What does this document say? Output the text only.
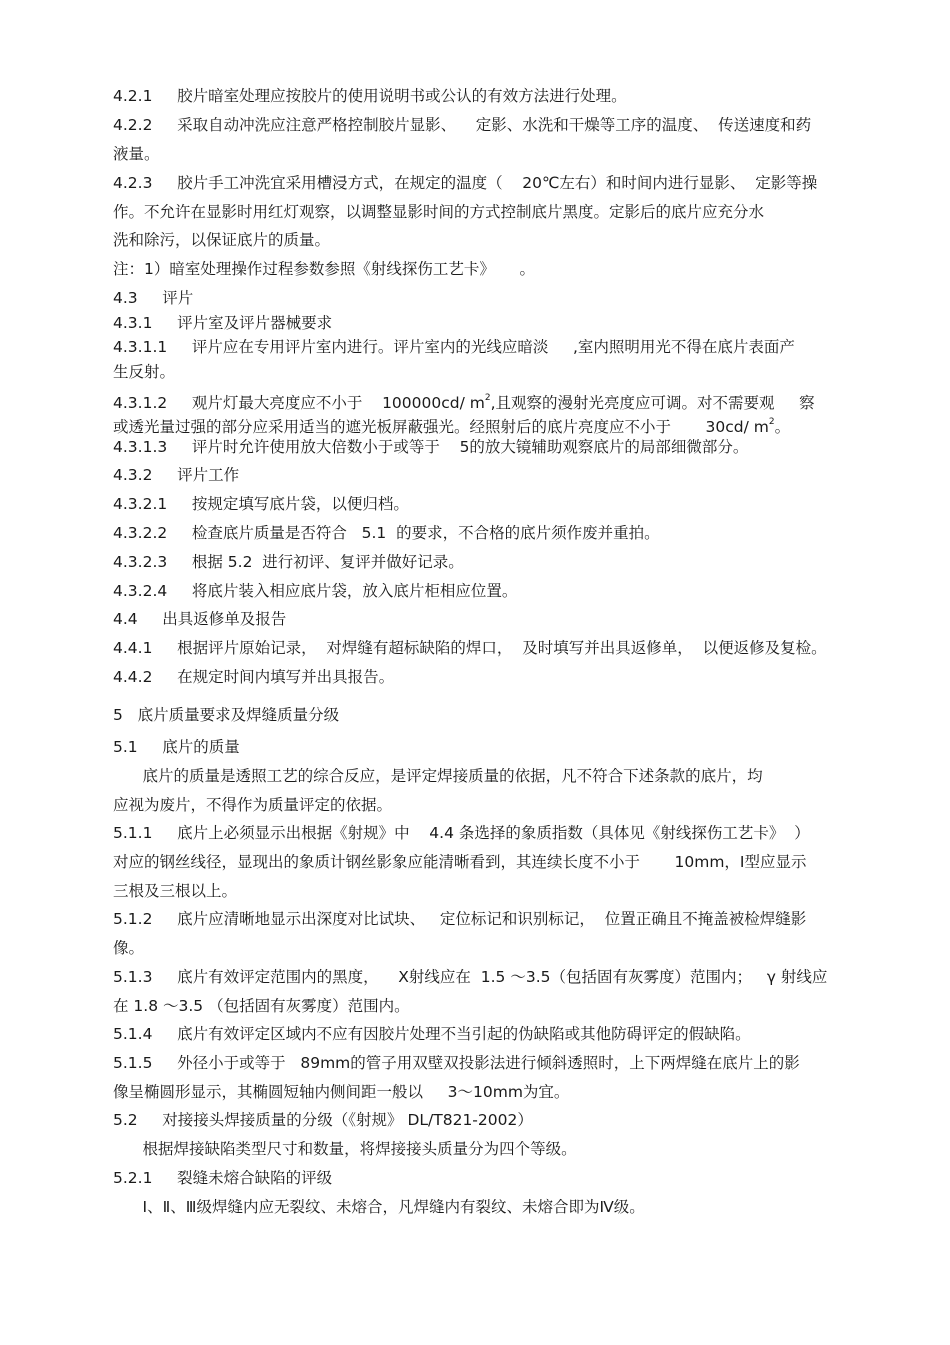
4.2.1     胶片暗室处理应按胶片的使用说明书或公认的有效方法进行处理。
4.2.2     采取自动冲洗应注意严格控制胶片显影、    定影、水洗和干燥等工序的温度、  传送速度和药
液量。
4.2.3     胶片手工冲洗宜采用槽浸方式，在规定的温度（    20℃左右）和时间内进行显影、  定影等操
作。不允许在显影时用红灯观察，以调整显影时间的方式控制底片黑度。定影后的底片应充分水
洗和除污，以保证底片的质量。
注：1）暗室处理操作过程参数参照《射线探伤工艺卡》     。
4.3     评片
4.3.1     评片室及评片器械要求
4.3.1.1     评片应在专用评片室内进行。评片室内的光线应暗淡     ,室内照明用光不得在底片表面产
生反射。
4.3.1.2     观片灯最大亮度应不小于    100000cd/ $m^2$,且观察的漫射光亮度应可调。对不需要观     察
或透光量过强的部分应采用适当的遮光板屏蔽强光。经照射后的底片亮度应不小于       30cd/ $m^2$。
4.3.1.3     评片时允许使用放大倍数小于或等于    5的放大镜辅助观察底片的局部细微部分。
4.3.2     评片工作
4.3.2.1     按规定填写底片袋，以便归档。
4.3.2.2     检查底片质量是否符合   5.1  的要求，不合格的底片须作废并重拍。
4.3.2.3     根据 5.2  进行初评、复评并做好记录。
4.3.2.4     将底片装入相应底片袋，放入底片柜相应位置。
4.4     出具返修单及报告
4.4.1     根据评片原始记录，  对焊缝有超标缺陷的焊口，  及时填写并出具返修单，  以便返修及复检。
4.4.2     在规定时间内填写并出具报告。
5   底片质量要求及焊缝质量分级
5.1     底片的质量
底片的质量是透照工艺的综合反应，是评定焊接质量的依据，凡不符合下述条款的底片，均
应视为废片，不得作为质量评定的依据。
5.1.1     底片上必须显示出根据《射规》中    4.4 条选择的象质指数（具体见《射线探伤工艺卡》  ）
对应的钢丝线径，显现出的象质计钢丝影象应能清晰看到，其连续长度不小于       10mm，Ⅰ型应显示
三根及三根以上。
5.1.2     底片应清晰地显示出深度对比试块、   定位标记和识别标记，  位置正确且不掩盖被检焊缝影
像。
5.1.3     底片有效评定范围内的黑度，    X射线应在  1.5 ～3.5（包括固有灰雾度）范围内；   γ 射线应
在 1.8 ～3.5 （包括固有灰雾度）范围内。
5.1.4     底片有效评定区域内不应有因胶片处理不当引起的伪缺陷或其他防碍评定的假缺陷。
5.1.5     外径小于或等于   89mm的管子用双壁双投影法进行倾斜透照时，上下两焊缝在底片上的影
像呈椭圆形显示，其椭圆短轴内侧间距一般以     3～10mm为宜。
5.2     对接接头焊接质量的分级（《射规》 DL/T821-2002）
根据焊接缺陷类型尺寸和数量，将焊接接头质量分为四个等级。
5.2.1     裂缝未熔合缺陷的评级
Ⅰ、Ⅱ、Ⅲ级焊缝内应无裂纹、未熔合，凡焊缝内有裂纹、未熔合即为Ⅳ级。
